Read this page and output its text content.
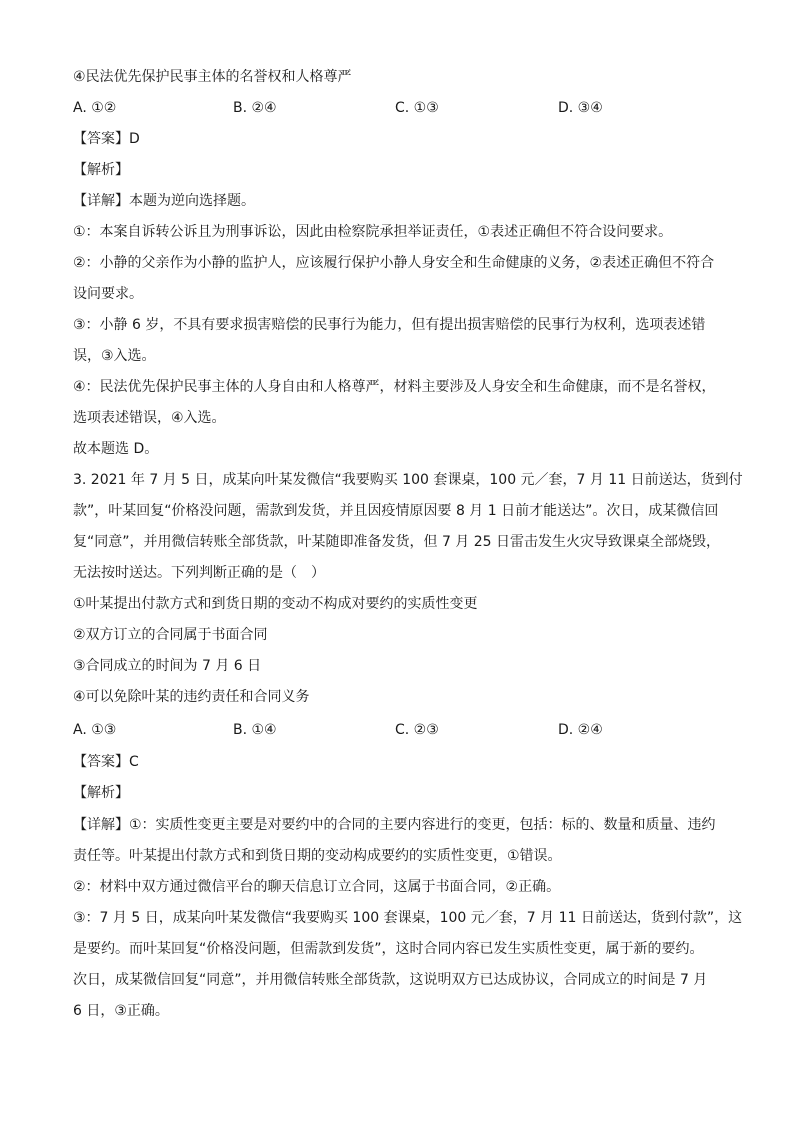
④民法优先保护民事主体的名誉权和人格尊严
A. ①②	B. ②④	C. ①③	D. ③④
【答案】D
【解析】
【详解】本题为逆向选择题。
①：本案自诉转公诉且为刑事诉讼，因此由检察院承担举证责任，①表述正确但不符合设问要求。
②：小静的父亲作为小静的监护人，应该履行保护小静人身安全和生命健康的义务，②表述正确但不符合
设问要求。
③：小静 6 岁，不具有要求损害赔偿的民事行为能力，但有提出损害赔偿的民事行为权利，选项表述错
误，③入选。
④：民法优先保护民事主体的人身自由和人格尊严，材料主要涉及人身安全和生命健康，而不是名誉权，
选项表述错误，④入选。
故本题选 D。
3. 2021 年 7 月 5 日，成某向叶某发微信“我要购买 100 套课桌，100 元／套，7 月 11 日前送达，货到付
款”，叶某回复“价格没问题，需款到发货，并且因疫情原因要 8 月 1 日前才能送达”。次日，成某微信回
复“同意”，并用微信转账全部货款，叶某随即准备发货，但 7 月 25 日雷击发生火灾导致课桌全部烧毁，
无法按时送达。下列判断正确的是（　）
①叶某提出付款方式和到货日期的变动不构成对要约的实质性变更
②双方订立的合同属于书面合同
③合同成立的时间为 7 月 6 日
④可以免除叶某的违约责任和合同义务
A. ①③	B. ①④	C. ②③	D. ②④
【答案】C
【解析】
【详解】①：实质性变更主要是对要约中的合同的主要内容进行的变更，包括：标的、数量和质量、违约
责任等。叶某提出付款方式和到货日期的变动构成要约的实质性变更，①错误。
②：材料中双方通过微信平台的聊天信息订立合同，这属于书面合同，②正确。
③：7 月 5 日，成某向叶某发微信“我要购买 100 套课桌，100 元／套，7 月 11 日前送达，货到付款”，这
是要约。而叶某回复“价格没问题，但需款到发货”，这时合同内容已发生实质性变更，属于新的要约。
次日，成某微信回复“同意”，并用微信转账全部货款，这说明双方已达成协议，合同成立的时间是 7 月
6 日，③正确。
